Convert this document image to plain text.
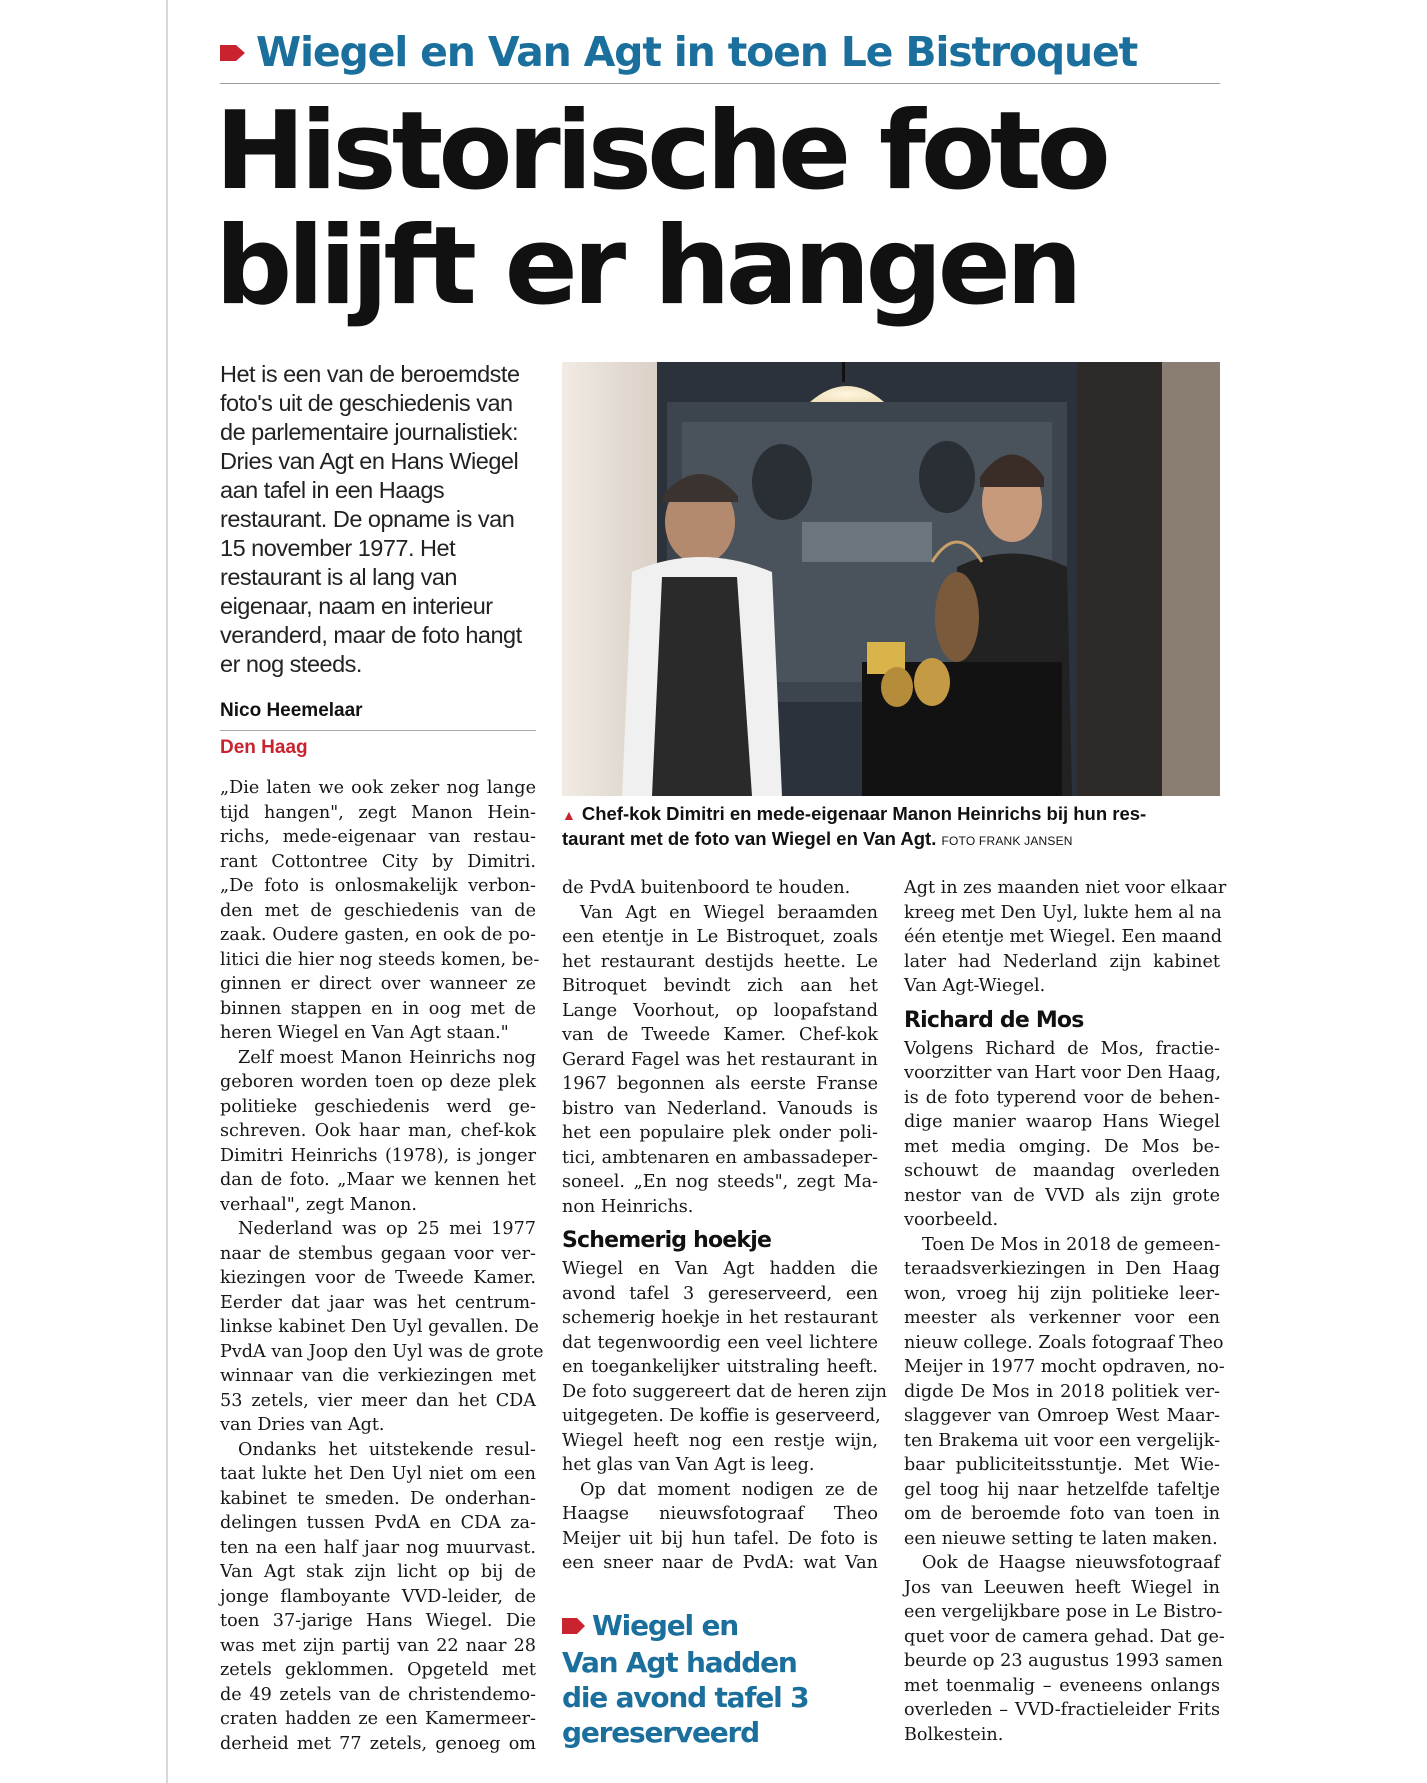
Wiegel en Van Agt in toen Le Bistroquet
Historische foto
blijft er hangen
Het is een van de beroemdste
foto's uit de geschiedenis van
de parlementaire journalistiek:
Dries van Agt en Hans Wiegel
aan tafel in een Haags
restaurant. De opname is van
15 november 1977. Het
restaurant is al lang van
eigenaar, naam en interieur
veranderd, maar de foto hangt
er nog steeds.
Nico Heemelaar
Den Haag
▲ Chef-kok Dimitri en mede-eigenaar Manon Heinrichs bij hun res-
taurant met de foto van Wiegel en Van Agt. FOTO FRANK JANSEN
„Die laten we ook zeker nog lange
tijd hangen", zegt Manon Hein-
richs, mede-eigenaar van restau-
rant Cottontree City by Dimitri.
„De foto is onlosmakelijk verbon-
den met de geschiedenis van de
zaak. Oudere gasten, en ook de po-
litici die hier nog steeds komen, be-
ginnen er direct over wanneer ze
binnen stappen en in oog met de
heren Wiegel en Van Agt staan."
Zelf moest Manon Heinrichs nog
geboren worden toen op deze plek
politieke geschiedenis werd ge-
schreven. Ook haar man, chef-kok
Dimitri Heinrichs (1978), is jonger
dan de foto. „Maar we kennen het
verhaal", zegt Manon.
Nederland was op 25 mei 1977
naar de stembus gegaan voor ver-
kiezingen voor de Tweede Kamer.
Eerder dat jaar was het centrum-
linkse kabinet Den Uyl gevallen. De
PvdA van Joop den Uyl was de grote
winnaar van die verkiezingen met
53 zetels, vier meer dan het CDA
van Dries van Agt.
Ondanks het uitstekende resul-
taat lukte het Den Uyl niet om een
kabinet te smeden. De onderhan-
delingen tussen PvdA en CDA za-
ten na een half jaar nog muurvast.
Van Agt stak zijn licht op bij de
jonge flamboyante VVD-leider, de
toen 37-jarige Hans Wiegel. Die
was met zijn partij van 22 naar 28
zetels geklommen. Opgeteld met
de 49 zetels van de christendemo-
craten hadden ze een Kamermeer-
derheid met 77 zetels, genoeg om
de PvdA buitenboord te houden.
Van Agt en Wiegel beraamden
een etentje in Le Bistroquet, zoals
het restaurant destijds heette. Le
Bitroquet bevindt zich aan het
Lange Voorhout, op loopafstand
van de Tweede Kamer. Chef-kok
Gerard Fagel was het restaurant in
1967 begonnen als eerste Franse
bistro van Nederland. Vanouds is
het een populaire plek onder poli-
tici, ambtenaren en ambassadeper-
soneel. „En nog steeds", zegt Ma-
non Heinrichs.
Schemerig hoekje
Wiegel en Van Agt hadden die
avond tafel 3 gereserveerd, een
schemerig hoekje in het restaurant
dat tegenwoordig een veel lichtere
en toegankelijker uitstraling heeft.
De foto suggereert dat de heren zijn
uitgegeten. De koffie is geserveerd,
Wiegel heeft nog een restje wijn,
het glas van Van Agt is leeg.
Op dat moment nodigen ze de
Haagse nieuwsfotograaf Theo
Meijer uit bij hun tafel. De foto is
een sneer naar de PvdA: wat Van
Wiegel en
Van Agt hadden
die avond tafel 3
gereserveerd
Agt in zes maanden niet voor elkaar
kreeg met Den Uyl, lukte hem al na
één etentje met Wiegel. Een maand
later had Nederland zijn kabinet
Van Agt-Wiegel.
Richard de Mos
Volgens Richard de Mos, fractie-
voorzitter van Hart voor Den Haag,
is de foto typerend voor de behen-
dige manier waarop Hans Wiegel
met media omging. De Mos be-
schouwt de maandag overleden
nestor van de VVD als zijn grote
voorbeeld.
Toen De Mos in 2018 de gemeen-
teraadsverkiezingen in Den Haag
won, vroeg hij zijn politieke leer-
meester als verkenner voor een
nieuw college. Zoals fotograaf Theo
Meijer in 1977 mocht opdraven, no-
digde De Mos in 2018 politiek ver-
slaggever van Omroep West Maar-
ten Brakema uit voor een vergelijk-
baar publiciteitsstuntje. Met Wie-
gel toog hij naar hetzelfde tafeltje
om de beroemde foto van toen in
een nieuwe setting te laten maken.
Ook de Haagse nieuwsfotograaf
Jos van Leeuwen heeft Wiegel in
een vergelijkbare pose in Le Bistro-
quet voor de camera gehad. Dat ge-
beurde op 23 augustus 1993 samen
met toenmalig – eveneens onlangs
overleden – VVD-fractieleider Frits
Bolkestein.
